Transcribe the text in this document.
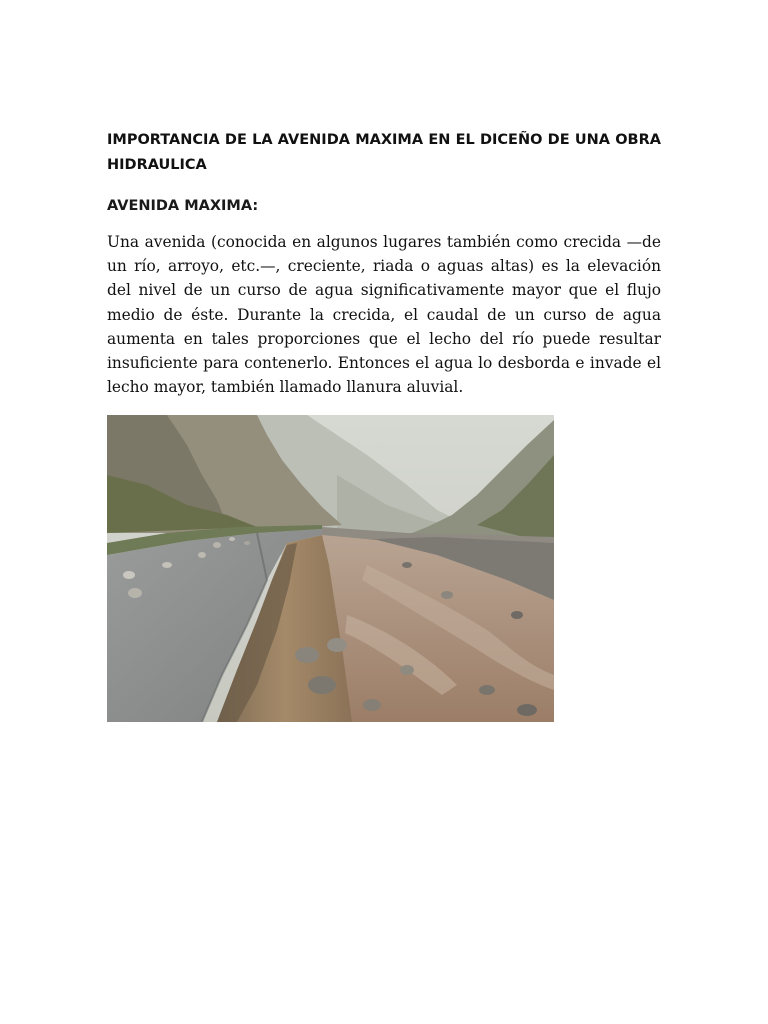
IMPORTANCIA DE LA AVENIDA MAXIMA EN EL DICEÑO DE UNA OBRA HIDRAULICA
AVENIDA MAXIMA:

Una avenida (conocida en algunos lugares también como crecida —de un río, arroyo, etc.—, creciente, riada o aguas altas) es la elevación del nivel de un curso de agua significativamente mayor que el flujo medio de éste. Durante la crecida, el caudal de un curso de agua aumenta en tales proporciones que el lecho del río puede resultar insuficiente para contenerlo. Entonces el agua lo desborda e invade el lecho mayor, también llamado llanura aluvial.
